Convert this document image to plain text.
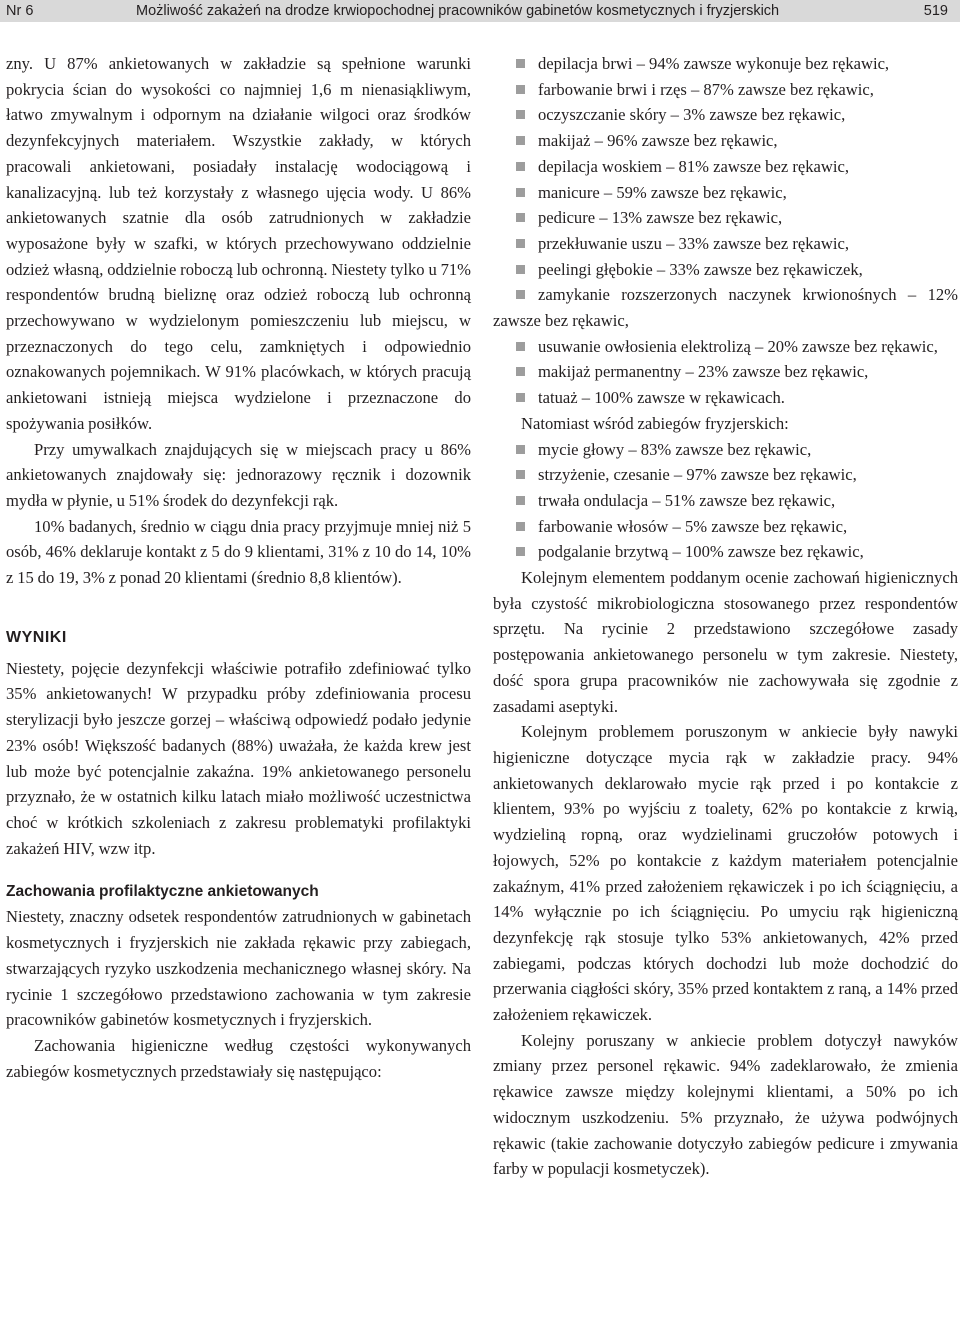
Nr 6	Możliwość zakażeń na drodze krwiopochodnej pracowników gabinetów kosmetycznych i fryzjerskich	519

zny. U 87% ankietowanych w zakładzie są spełnione warunki pokrycia ścian do wysokości co najmniej 1,6 m nienasiąkliwym, łatwo zmywalnym i odpornym na działanie wilgoci oraz środków dezynfekcyjnych materiałem. Wszystkie zakłady, w których pracowali ankietowani, posiadały instalację wodociągową i kanalizacyjną. lub też korzystały z własnego ujęcia wody. U 86% ankietowanych szatnie dla osób zatrudnionych w zakładzie wyposażone były w szafki, w których przechowywano oddzielnie odzież własną, oddzielnie roboczą lub ochronną. Niestety tylko u 71% respondentów brudną bieliznę oraz odzież roboczą lub ochronną przechowywano w wydzielonym pomieszczeniu lub miejscu, w przeznaczonych do tego celu, zamkniętych i odpowiednio oznakowanych pojemnikach. W 91% placówkach, w których pracują ankietowani istnieją miejsca wydzielone i przeznaczone do spożywania posiłków.

Przy umywalkach znajdujących się w miejscach pracy u 86% ankietowanych znajdowały się: jednorazowy ręcznik i dozownik mydła w płynie, u 51% środek do dezynfekcji rąk.

10% badanych, średnio w ciągu dnia pracy przyjmuje mniej niż 5 osób, 46% deklaruje kontakt z 5 do 9 klientami, 31% z 10 do 14, 10% z 15 do 19, 3% z ponad 20 klientami (średnio 8,8 klientów).

WYNIKI

Niestety, pojęcie dezynfekcji właściwie potrafiło zdefiniować tylko 35% ankietowanych! W przypadku próby zdefiniowania procesu sterylizacji było jeszcze gorzej – właściwą odpowiedź podało jedynie 23% osób! Większość badanych (88%) uważała, że każda krew jest lub może być potencjalnie zakaźna. 19% ankietowanego personelu przyznało, że w ostatnich kilku latach miało możliwość uczestnictwa choć w krótkich szkoleniach z zakresu problematyki profilaktyki zakażeń HIV, wzw itp.

Zachowania profilaktyczne ankietowanych

Niestety, znaczny odsetek respondentów zatrudnionych w gabinetach kosmetycznych i fryzjerskich nie zakłada rękawic przy zabiegach, stwarzających ryzyko uszkodzenia mechanicznego własnej skóry. Na rycinie 1 szczegółowo przedstawiono zachowania w tym zakresie pracowników gabinetów kosmetycznych i fryzjerskich.

Zachowania higieniczne według częstości wykonywanych zabiegów kosmetycznych przedstawiały się następująco:

depilacja brwi – 94% zawsze wykonuje bez rękawic,
farbowanie brwi i rzęs – 87% zawsze bez rękawic,
oczyszczanie skóry – 3% zawsze bez rękawic,
makijaż – 96% zawsze bez rękawic,
depilacja woskiem – 81% zawsze bez rękawic,
manicure – 59% zawsze bez rękawic,
pedicure – 13% zawsze bez rękawic,
przekłuwanie uszu – 33% zawsze bez rękawic,
peelingi głębokie – 33% zawsze bez rękawiczek,
zamykanie rozszerzonych naczynek krwionośnych – 12% zawsze bez rękawic,
usuwanie owłosienia elektrolizą – 20% zawsze bez rękawic,
makijaż permanentny – 23% zawsze bez rękawic,
tatuaż – 100% zawsze w rękawicach.

Natomiast wśród zabiegów fryzjerskich:

mycie głowy – 83% zawsze bez rękawic,
strzyżenie, czesanie – 97% zawsze bez rękawic,
trwała ondulacja – 51% zawsze bez rękawic,
farbowanie włosów – 5% zawsze bez rękawic,
podgalanie brzytwą – 100% zawsze bez rękawic,

Kolejnym elementem poddanym ocenie zachowań higienicznych była czystość mikrobiologiczna stosowanego przez respondentów sprzętu. Na rycinie 2 przedstawiono szczegółowe zasady postępowania ankietowanego personelu w tym zakresie. Niestety, dość spora grupa pracowników nie zachowywała się zgodnie z zasadami aseptyki.

Kolejnym problemem poruszonym w ankiecie były nawyki higieniczne dotyczące mycia rąk w zakładzie pracy. 94% ankietowanych deklarowało mycie rąk przed i po kontakcie z klientem, 93% po wyjściu z toalety, 62% po kontakcie z krwią, wydzieliną ropną, oraz wydzielinami gruczołów potowych i łojowych, 52% po kontakcie z każdym materiałem potencjalnie zakaźnym, 41% przed założeniem rękawiczek i po ich ściągnięciu, a 14% wyłącznie po ich ściągnięciu. Po umyciu rąk higieniczną dezynfekcję rąk stosuje tylko 53% ankietowanych, 42% przed zabiegami, podczas których dochodzi lub może dochodzić do przerwania ciągłości skóry, 35% przed kontaktem z raną, a 14% przed założeniem rękawiczek.

Kolejny poruszany w ankiecie problem dotyczył nawyków zmiany przez personel rękawic. 94% zadeklarowało, że zmienia rękawice zawsze między kolejnymi klientami, a 50% po ich widocznym uszkodzeniu. 5% przyznało, że używa podwójnych rękawic (takie zachowanie dotyczyło zabiegów pedicure i zmywania farby w populacji kosmetyczek).
